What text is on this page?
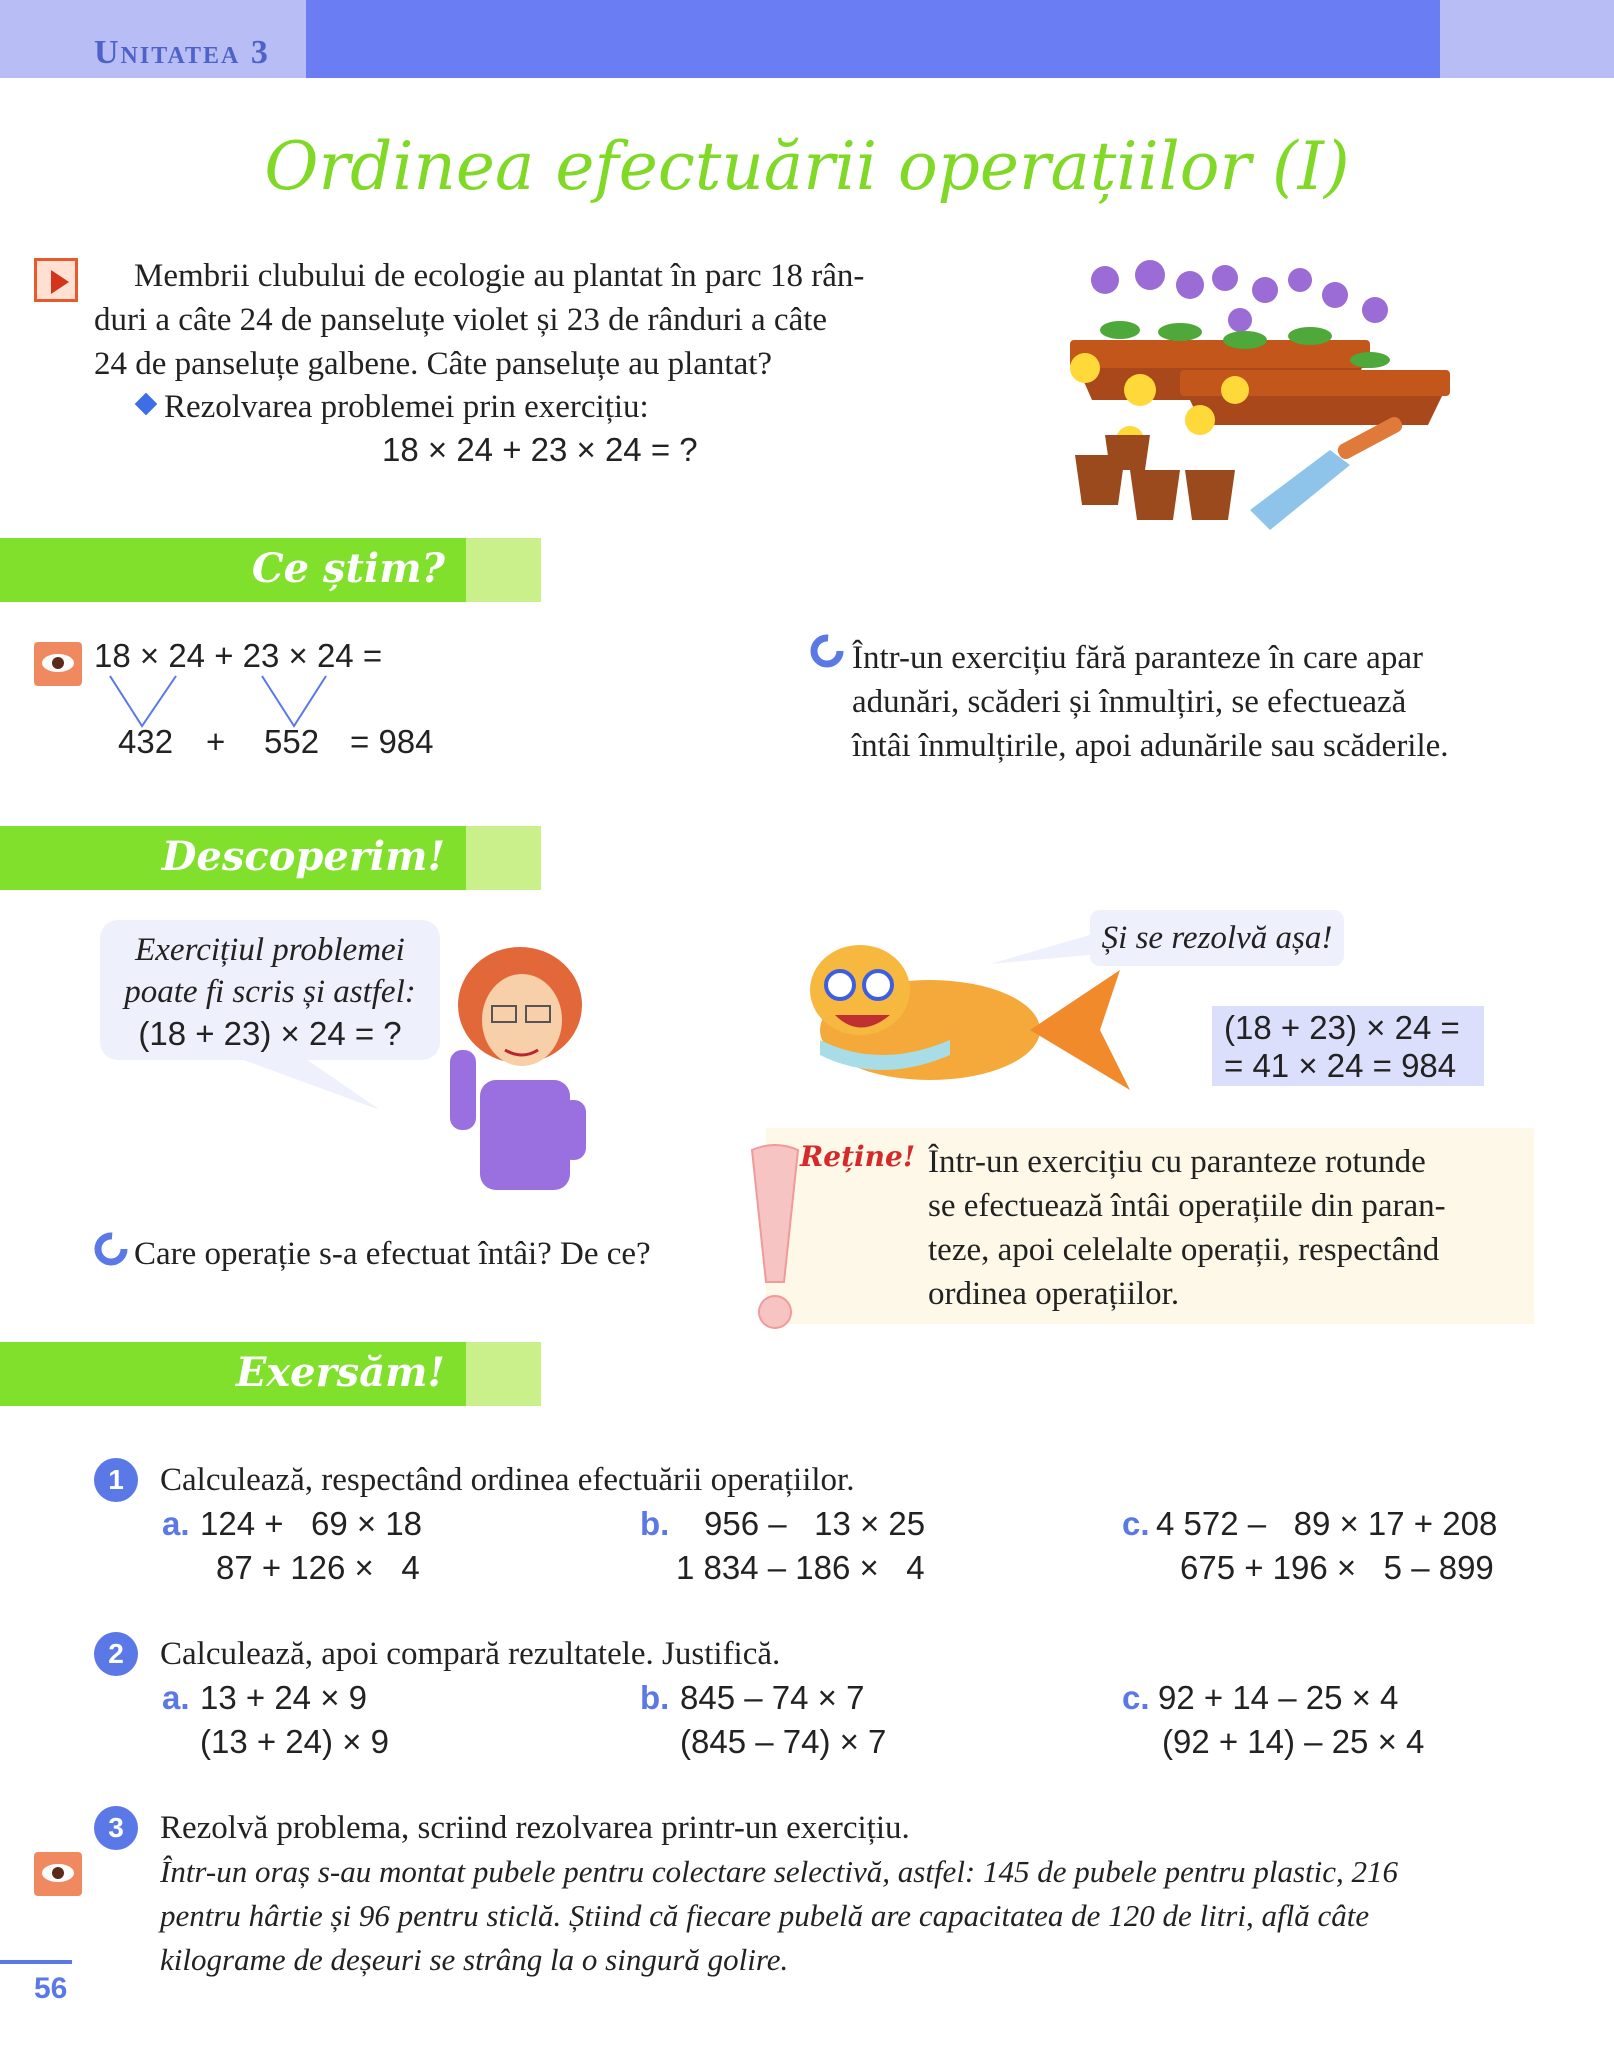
Unitatea 3
Ordinea efectuării operațiilor (I)
Membrii clubului de ecologie au plantat în parc 18 rân-
duri a câte 24 de panseluțe violet și 23 de rânduri a câte
24 de panseluțe galbene. Câte panseluțe au plantat?
Rezolvarea problemei prin exercițiu:
18 × 24 + 23 × 24 = ?
Ce știm?
18 × 24 + 23 × 24 =
432 + 552 = 984
Într-un exercițiu fără paranteze în care apar
adunări, scăderi și înmulțiri, se efectuează
întâi înmulțirile, apoi adunările sau scăderile.
Descoperim!
Exercițiul problemei
poate fi scris și astfel:
(18 + 23) × 24 = ?
Și se rezolvă așa!
(18 + 23) × 24 =
= 41 × 24 = 984
Care operație s-a efectuat întâi? De ce?
Reține! Într-un exercițiu cu paranteze rotunde
se efectuează întâi operațiile din paran-
teze, apoi celelalte operații, respectând
ordinea operațiilor.
Exersăm!
1	Calculează, respectând ordinea efectuării operațiilor.
a. 124 +   69 × 18
87 + 126 ×   4
b. 956 –   13 × 25
1 834 – 186 ×   4
c. 4 572 –   89 × 17 + 208
675 + 196 ×   5 – 899
2	Calculează, apoi compară rezultatele. Justifică.
a. 13 + 24 × 9
(13 + 24) × 9
b. 845 – 74 × 7
(845 – 74) × 7
c. 92 + 14 – 25 × 4
(92 + 14) – 25 × 4
3	Rezolvă problema, scriind rezolvarea printr-un exercițiu.
Într-un oraș s-au montat pubele pentru colectare selectivă, astfel: 145 de pubele pentru plastic, 216
pentru hârtie și 96 pentru sticlă. Știind că fiecare pubelă are capacitatea de 120 de litri, află câte
kilograme de deșeuri se strâng la o singură golire.
56
